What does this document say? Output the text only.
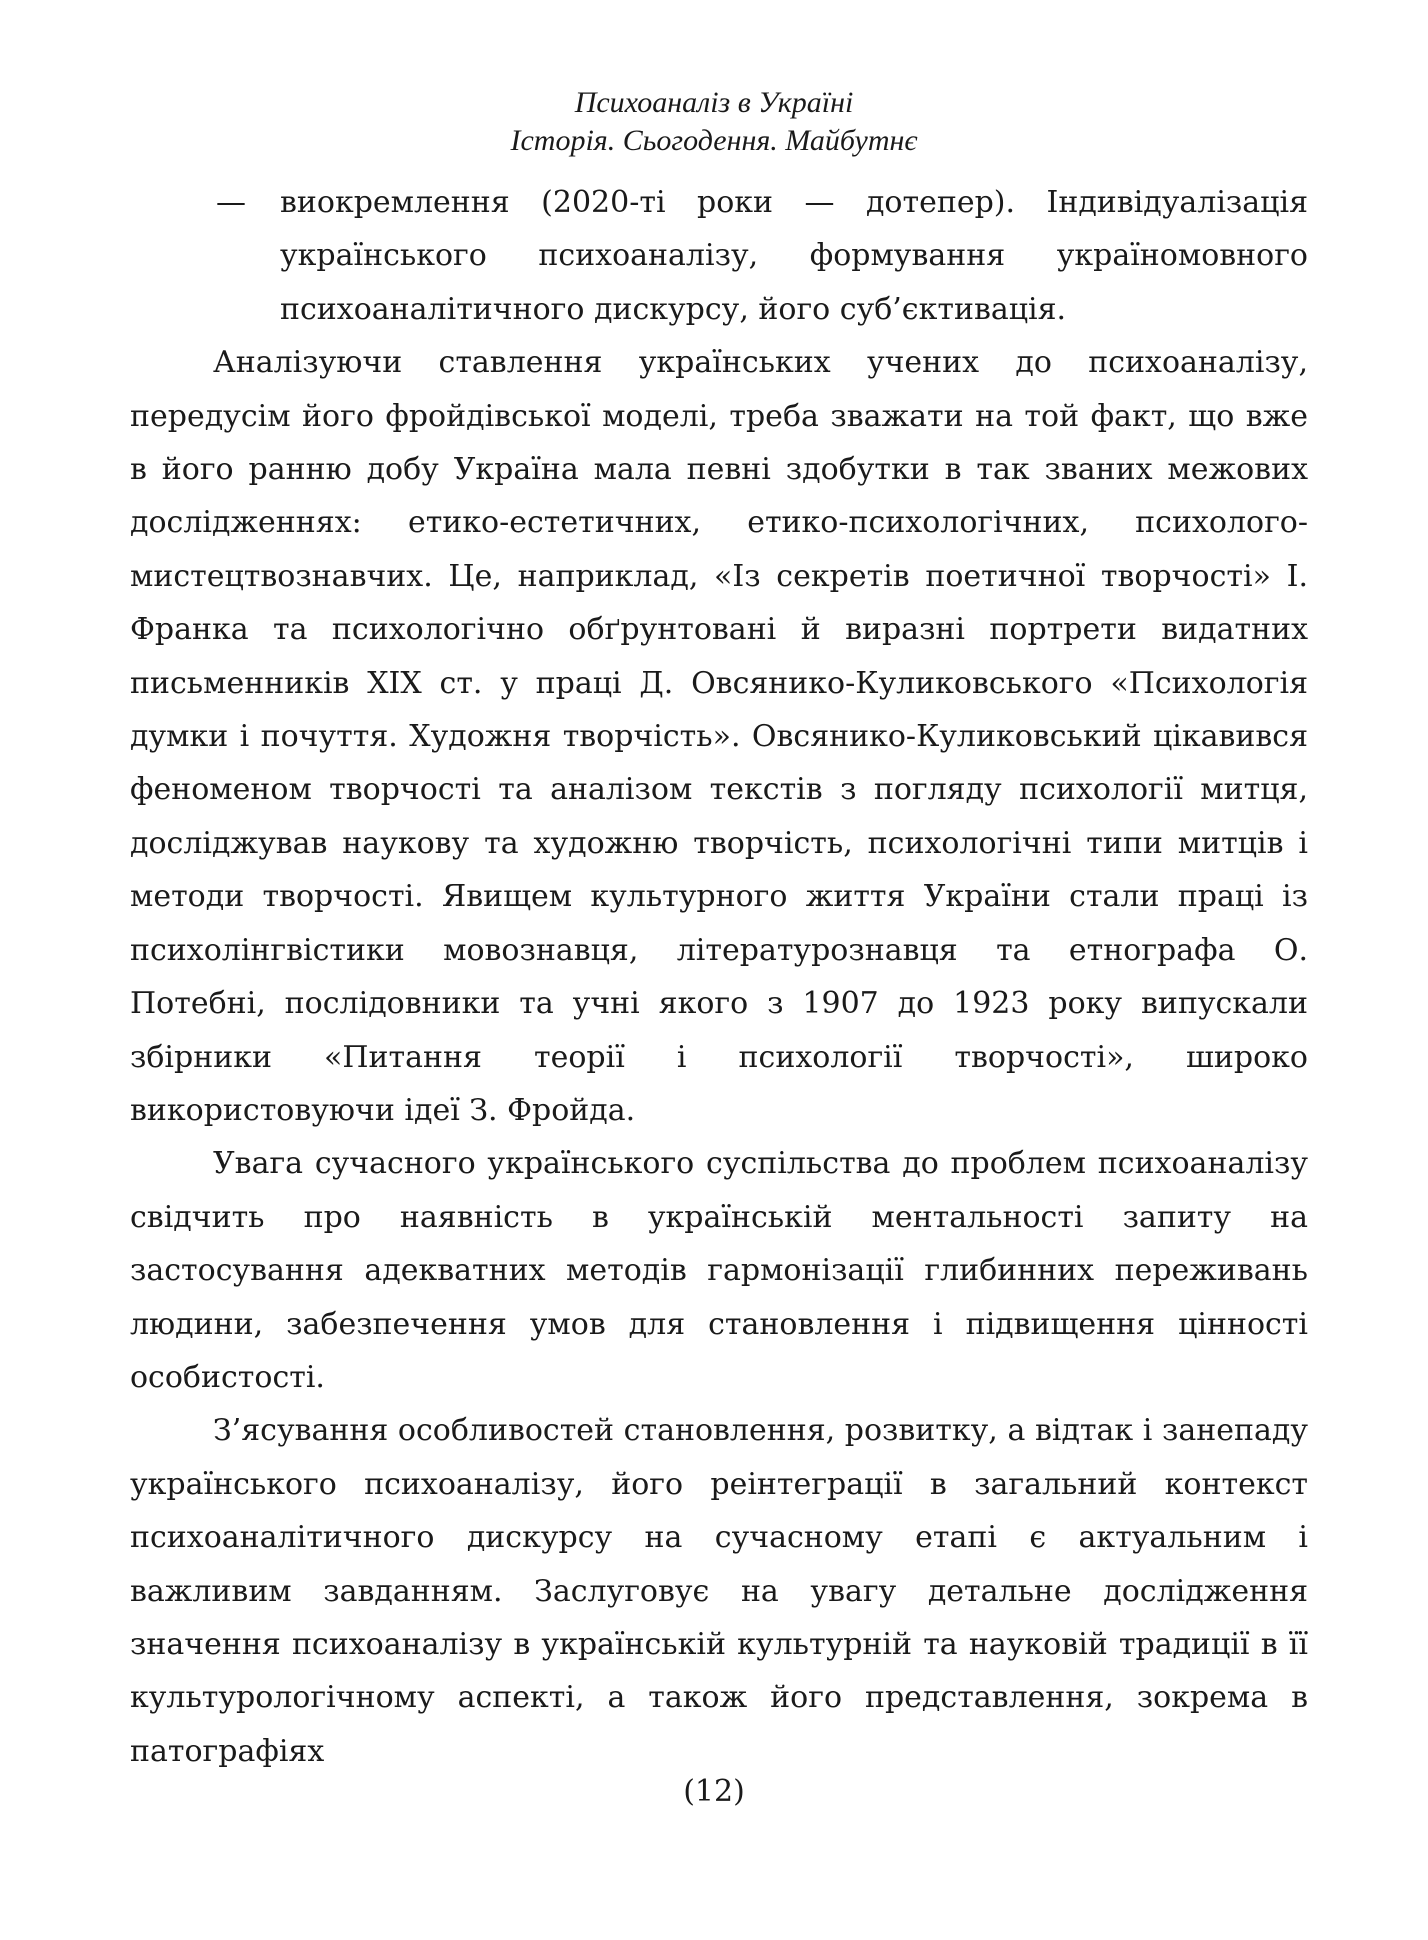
Психоаналіз в Україні
Історія. Сьогодення. Майбутнє

— виокремлення (2020-ті роки — дотепер). Індивідуалізація українського психоаналізу, формування україномовного психоаналітичного дискурсу, його суб’єктивація.

Аналізуючи ставлення українських учених до психоаналізу, передусім його фройдівської моделі, треба зважати на той факт, що вже в його ранню добу Україна мала певні здобутки в так званих межових дослідженнях: етико-естетичних, етико-психологічних, психолого-мистецтвознавчих. Це, наприклад, «Із секретів поетичної творчості» І. Франка та психологічно обґрунтовані й виразні портрети видатних письменників XIX ст. у праці Д. Овсянико-Куликовського «Психологія думки і почуття. Художня творчість». Овсянико-Куликовський цікавився феноменом творчості та аналізом текстів з погляду психології митця, досліджував наукову та художню творчість, психологічні типи митців і методи творчості. Явищем культурного життя України стали праці із психолінгвістики мовознавця, літературознавця та етнографа О. Потебні, послідовники та учні якого з 1907 до 1923 року випускали збірники «Питання теорії і психології творчості», широко використовуючи ідеї З. Фройда.

Увага сучасного українського суспільства до проблем психоаналізу свідчить про наявність в українській ментальності запиту на застосування адекватних методів гармонізації глибинних переживань людини, забезпечення умов для становлення і підвищення цінності особистості.

З’ясування особливостей становлення, розвитку, а відтак і занепаду українського психоаналізу, його реінтеграції в загальний контекст психоаналітичного дискурсу на сучасному етапі є актуальним і важливим завданням. Заслуговує на увагу детальне дослідження значення психоаналізу в українській культурній та науковій традиції в її культурологічному аспекті, а також його представлення, зокрема в патографіях

(12)
